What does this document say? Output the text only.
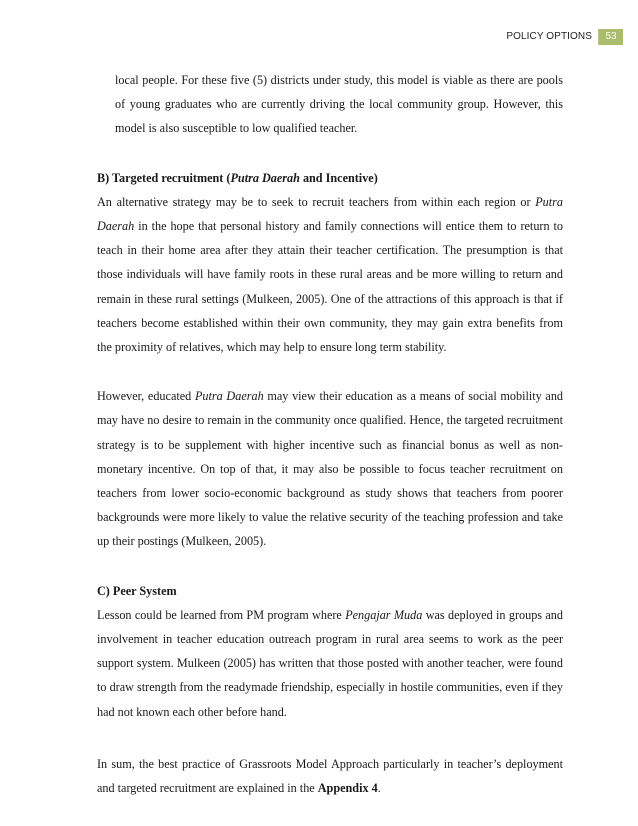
POLICY OPTIONS	53

local people. For these five (5) districts under study, this model is viable as there are pools of young graduates who are currently driving the local community group. However, this model is also susceptible to low qualified teacher.

B) Targeted recruitment (Putra Daerah and Incentive)

An alternative strategy may be to seek to recruit teachers from within each region or Putra Daerah in the hope that personal history and family connections will entice them to return to teach in their home area after they attain their teacher certification. The presumption is that those individuals will have family roots in these rural areas and be more willing to return and remain in these rural settings (Mulkeen, 2005). One of the attractions of this approach is that if teachers become established within their own community, they may gain extra benefits from the proximity of relatives, which may help to ensure long term stability.

However, educated Putra Daerah may view their education as a means of social mobility and may have no desire to remain in the community once qualified. Hence, the targeted recruitment strategy is to be supplement with higher incentive such as financial bonus as well as non-monetary incentive. On top of that, it may also be possible to focus teacher recruitment on teachers from lower socio-economic background as study shows that teachers from poorer backgrounds were more likely to value the relative security of the teaching profession and take up their postings (Mulkeen, 2005).

C) Peer System

Lesson could be learned from PM program where Pengajar Muda was deployed in groups and involvement in teacher education outreach program in rural area seems to work as the peer support system. Mulkeen (2005) has written that those posted with another teacher, were found to draw strength from the readymade friendship, especially in hostile communities, even if they had not known each other before hand.

In sum, the best practice of Grassroots Model Approach particularly in teacher’s deployment and targeted recruitment are explained in the Appendix 4.
